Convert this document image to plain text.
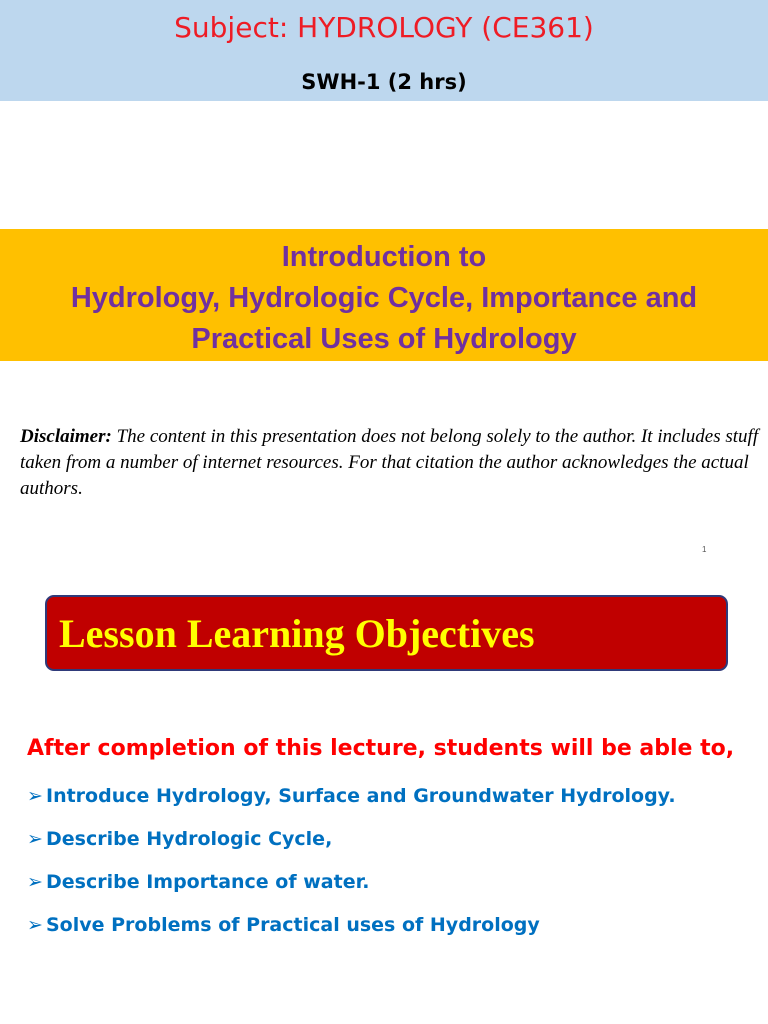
Subject: HYDROLOGY (CE361)
SWH-1 (2 hrs)
Introduction to
Hydrology, Hydrologic Cycle, Importance and
Practical Uses of Hydrology
Disclaimer: The content in this presentation does not belong solely to the author. It includes stuff taken from a number of internet resources. For that citation the author acknowledges the actual authors.
1
Lesson Learning Objectives
After completion of this lecture, students will be able to,
➢ Introduce Hydrology, Surface and Groundwater Hydrology.
➢ Describe Hydrologic Cycle,
➢ Describe Importance of water.
➢ Solve Problems of Practical uses of Hydrology
